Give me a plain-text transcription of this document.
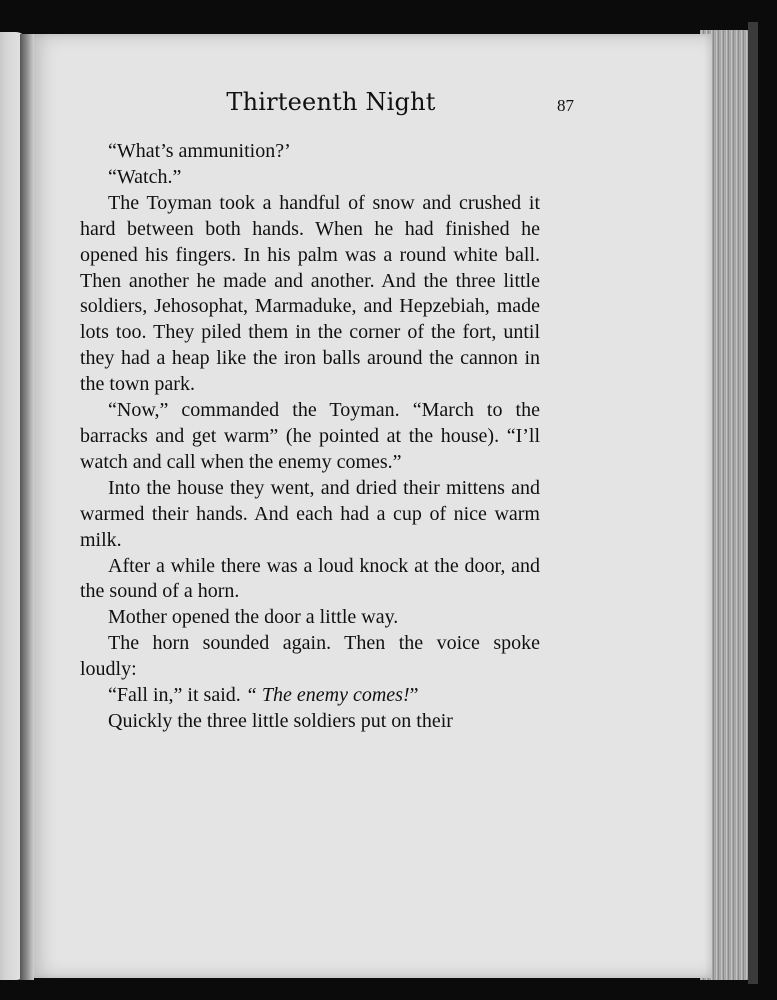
Thirteenth Night	87

“What’s ammunition?’

“Watch.”

The Toyman took a handful of snow and crushed it hard between both hands. When he had finished he opened his fingers. In his palm was a round white ball. Then another he made and another. And the three little soldiers, Jehosophat, Marmaduke, and Hepzebiah, made lots too. They piled them in the corner of the fort, until they had a heap like the iron balls around the cannon in the town park.

“Now,” commanded the Toyman. “March to the barracks and get warm” (he pointed at the house). “I’ll watch and call when the enemy comes.”

Into the house they went, and dried their mittens and warmed their hands. And each had a cup of nice warm milk.

After a while there was a loud knock at the door, and the sound of a horn.

Mother opened the door a little way.

The horn sounded again. Then the voice spoke loudly:

“Fall in,” it said. “ The enemy comes!”

Quickly the three little soldiers put on their
